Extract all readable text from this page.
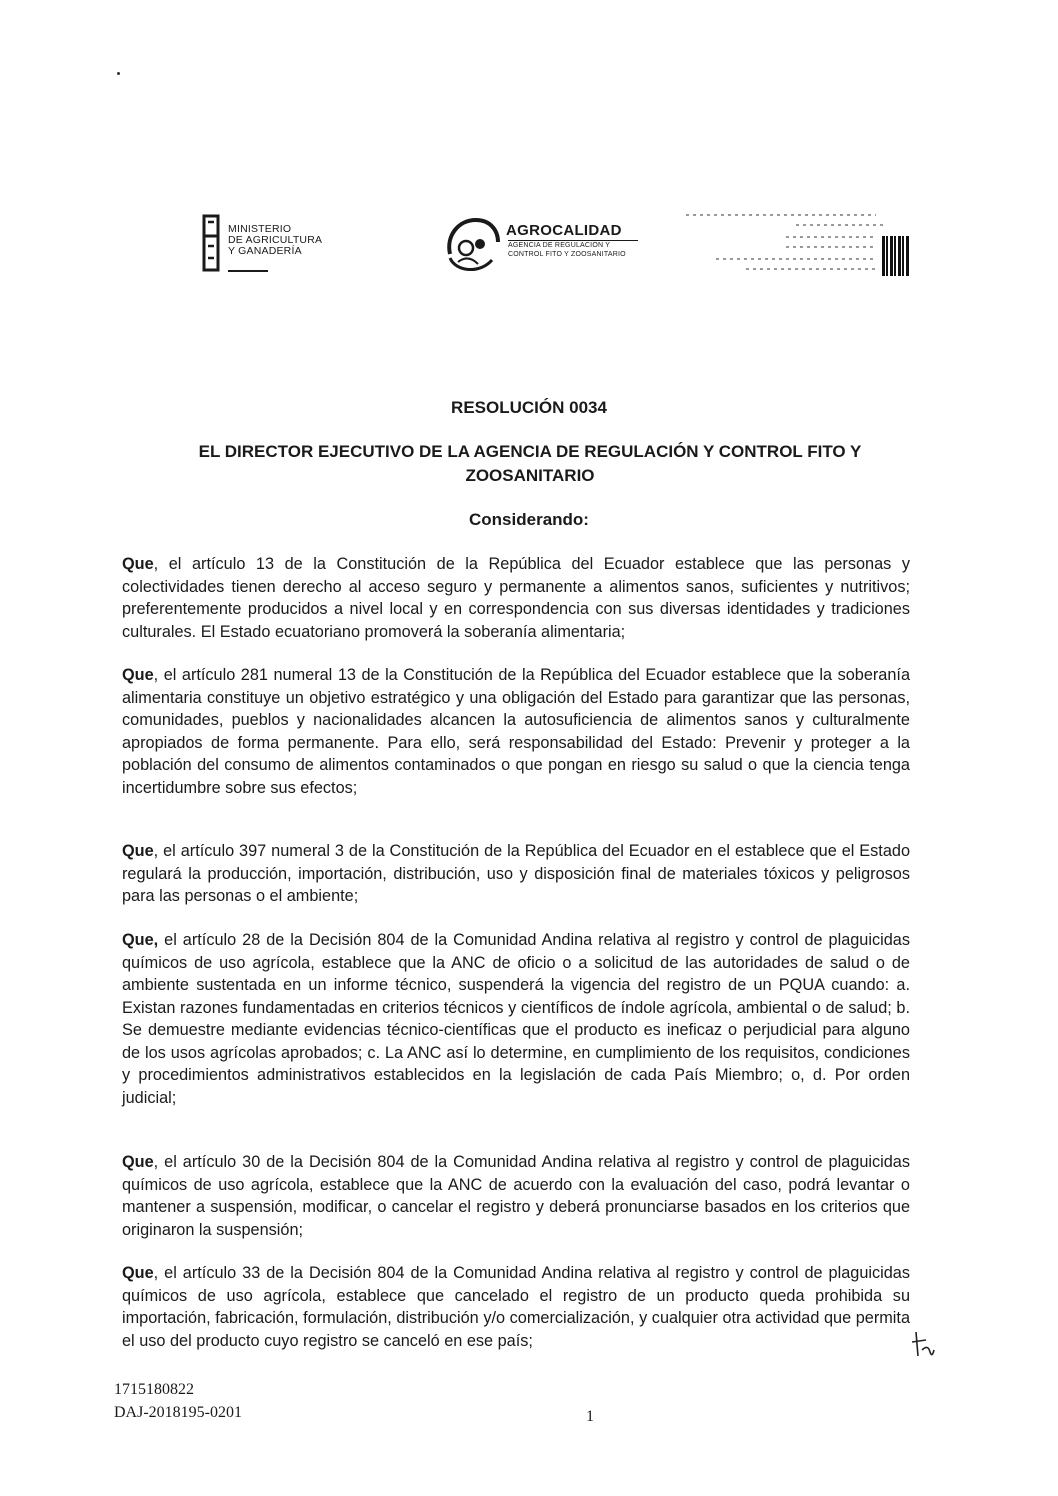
MINISTERIO
DE AGRICULTURA
Y GANADERÍA
AGROCALIDAD
AGENCIA DE REGULACIÓN Y
CONTROL FITO Y ZOOSANITARIO
RESOLUCIÓN 0034
EL DIRECTOR EJECUTIVO DE LA AGENCIA DE REGULACIÓN Y CONTROL FITO Y ZOOSANITARIO
Considerando:

Que, el artículo 13 de la Constitución de la República del Ecuador establece que las personas y colectividades tienen derecho al acceso seguro y permanente a alimentos sanos, suficientes y nutritivos; preferentemente producidos a nivel local y en correspondencia con sus diversas identidades y tradiciones culturales. El Estado ecuatoriano promoverá la soberanía alimentaria;

Que, el artículo 281 numeral 13 de la Constitución de la República del Ecuador establece que la soberanía alimentaria constituye un objetivo estratégico y una obligación del Estado para garantizar que las personas, comunidades, pueblos y nacionalidades alcancen la autosuficiencia de alimentos sanos y culturalmente apropiados de forma permanente. Para ello, será responsabilidad del Estado: Prevenir y proteger a la población del consumo de alimentos contaminados o que pongan en riesgo su salud o que la ciencia tenga incertidumbre sobre sus efectos;

Que, el artículo 397 numeral 3 de la Constitución de la República del Ecuador en el establece que el Estado regulará la producción, importación, distribución, uso y disposición final de materiales tóxicos y peligrosos para las personas o el ambiente;

Que, el artículo 28 de la Decisión 804 de la Comunidad Andina relativa al registro y control de plaguicidas químicos de uso agrícola, establece que la ANC de oficio o a solicitud de las autoridades de salud o de ambiente sustentada en un informe técnico, suspenderá la vigencia del registro de un PQUA cuando: a. Existan razones fundamentadas en criterios técnicos y científicos de índole agrícola, ambiental o de salud; b. Se demuestre mediante evidencias técnico-científicas que el producto es ineficaz o perjudicial para alguno de los usos agrícolas aprobados; c. La ANC así lo determine, en cumplimiento de los requisitos, condiciones y procedimientos administrativos establecidos en la legislación de cada País Miembro; o, d. Por orden judicial;

Que, el artículo 30 de la Decisión 804 de la Comunidad Andina relativa al registro y control de plaguicidas químicos de uso agrícola, establece que la ANC de acuerdo con la evaluación del caso, podrá levantar o mantener a suspensión, modificar, o cancelar el registro y deberá pronunciarse basados en los criterios que originaron la suspensión;

Que, el artículo 33 de la Decisión 804 de la Comunidad Andina relativa al registro y control de plaguicidas químicos de uso agrícola, establece que cancelado el registro de un producto queda prohibida su importación, fabricación, formulación, distribución y/o comercialización, y cualquier otra actividad que permita el uso del producto cuyo registro se canceló en ese país;

1715180822
DAJ-2018195-0201	1
